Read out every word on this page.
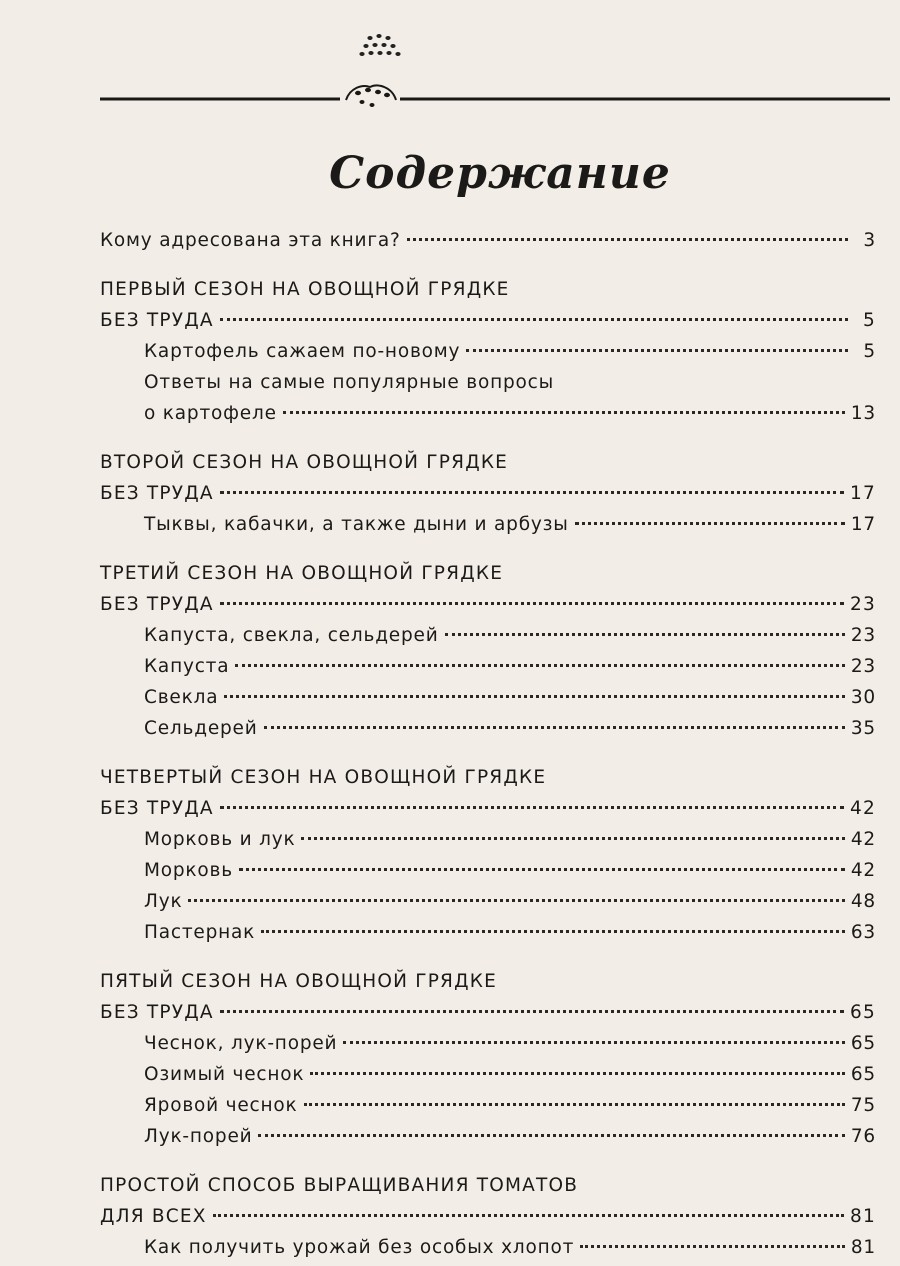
Содержание
Кому адресована эта книга?	3
ПЕРВЫЙ СЕЗОН НА ОВОЩНОЙ ГРЯДКЕ
БЕЗ ТРУДА	5
Картофель сажаем по-новому	5
Ответы на самые популярные вопросы
о картофеле	13
ВТОРОЙ СЕЗОН НА ОВОЩНОЙ ГРЯДКЕ
БЕЗ ТРУДА	17
Тыквы, кабачки, а также дыни и арбузы	17
ТРЕТИЙ СЕЗОН НА ОВОЩНОЙ ГРЯДКЕ
БЕЗ ТРУДА	23
Капуста, свекла, сельдерей	23
Капуста	23
Свекла	30
Сельдерей	35
ЧЕТВЕРТЫЙ СЕЗОН НА ОВОЩНОЙ ГРЯДКЕ
БЕЗ ТРУДА	42
Морковь и лук	42
Морковь	42
Лук	48
Пастернак	63
ПЯТЫЙ СЕЗОН НА ОВОЩНОЙ ГРЯДКЕ
БЕЗ ТРУДА	65
Чеснок, лук-порей	65
Озимый чеснок	65
Яровой чеснок	75
Лук-порей	76
ПРОСТОЙ СПОСОБ ВЫРАЩИВАНИЯ ТОМАТОВ
ДЛЯ ВСЕХ	81
Как получить урожай без особых хлопот	81
